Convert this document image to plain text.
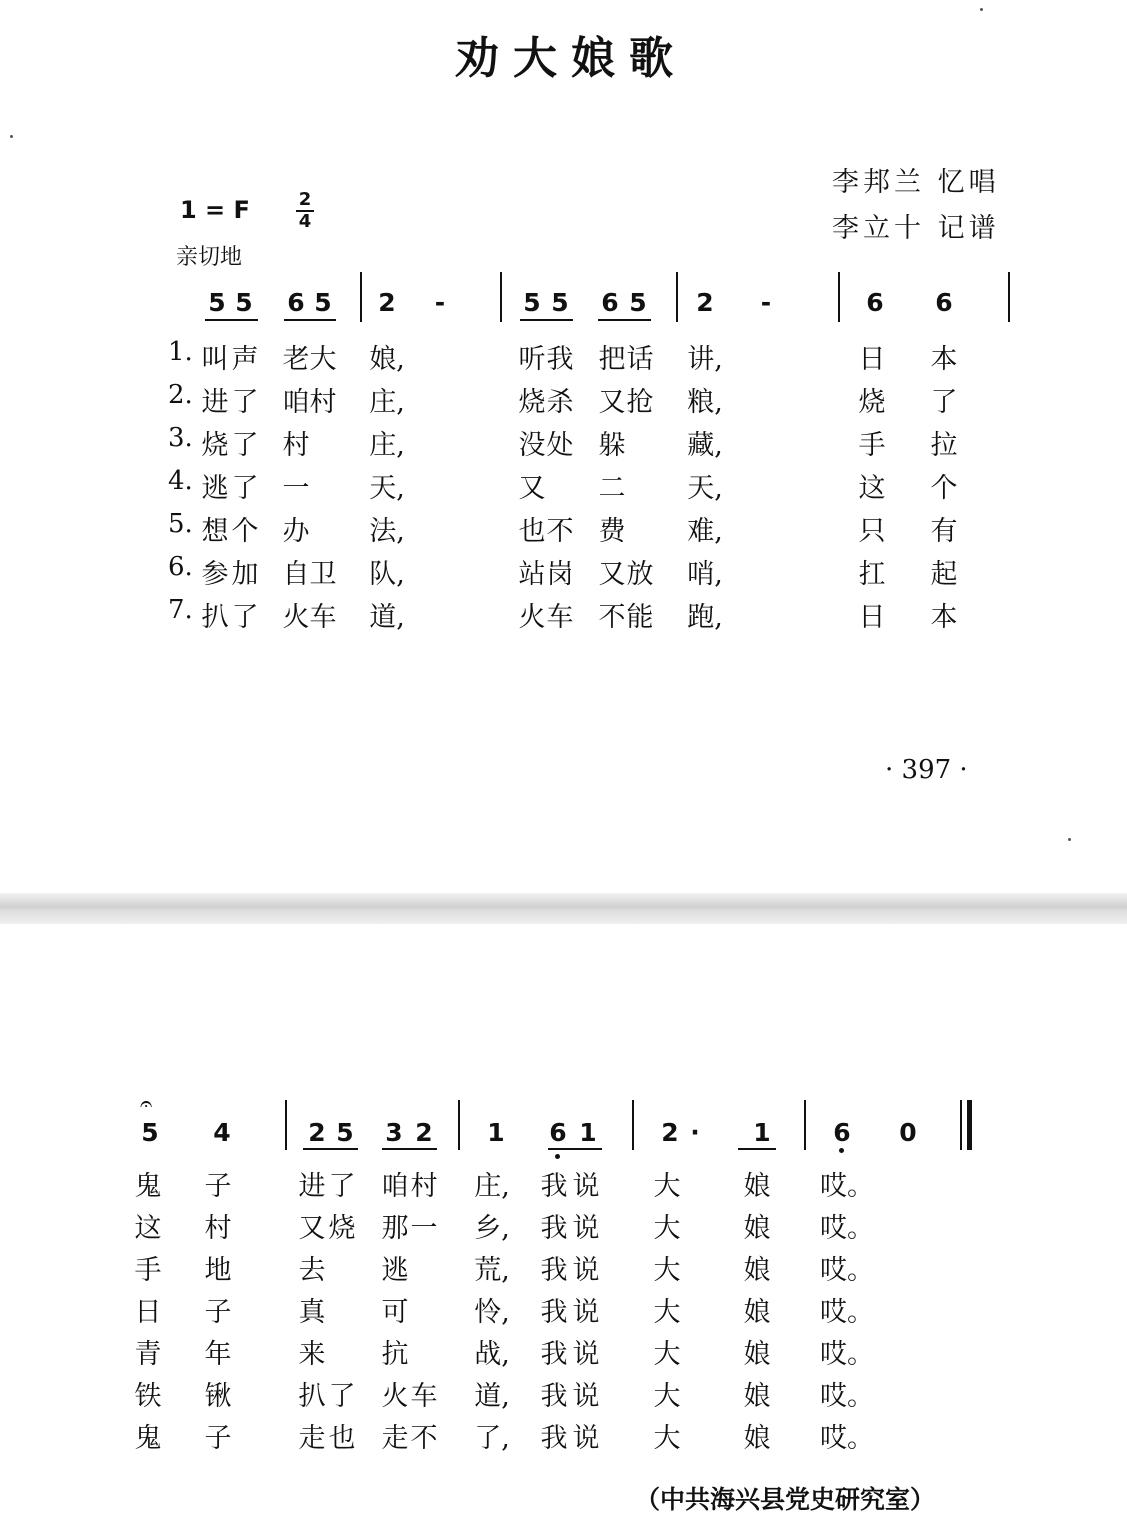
劝大娘歌
李邦兰 忆唱
李立十 记谱
1 = F	2
4
亲切地
5 5 6 5 2	-	5 5 6 5 2	-	6 6
1. 叫 声 老 大 娘,	听 我 把 话 讲,	日 本
2. 进 了 咱 村 庄,	烧 杀 又 抢 粮,	烧 了
3. 烧 了 村 庄,	没 处 躲 藏,	手 拉
4. 逃 了 一 天,	又 二 天,	这 个
5. 想 个 办 法,	也 不 费 难,	只 有
6. 参 加 自 卫 队,	站 岗 又 放 哨,	扛 起
7. 扒 了 火 车 道,	火 车 不 能 跑,	日 本
· 397 ·
𝄐
5 4	2 5 3 2 1 6 1	2 ·	1	6 0
鬼 子 进 了 咱 村 庄, 我 说 大 娘 哎。
这 村 又 烧 那 一 乡, 我 说 大 娘 哎。
手 地 去 逃 荒, 我 说 大 娘 哎。
日 子 真 可 怜, 我 说 大 娘 哎。
青 年 来 抗 战, 我 说 大 娘 哎。
铁 锹 扒 了 火 车 道, 我 说 大 娘 哎。
鬼 子 走 也 走 不 了, 我 说 大 娘 哎。
（中共海兴县党史研究室）
